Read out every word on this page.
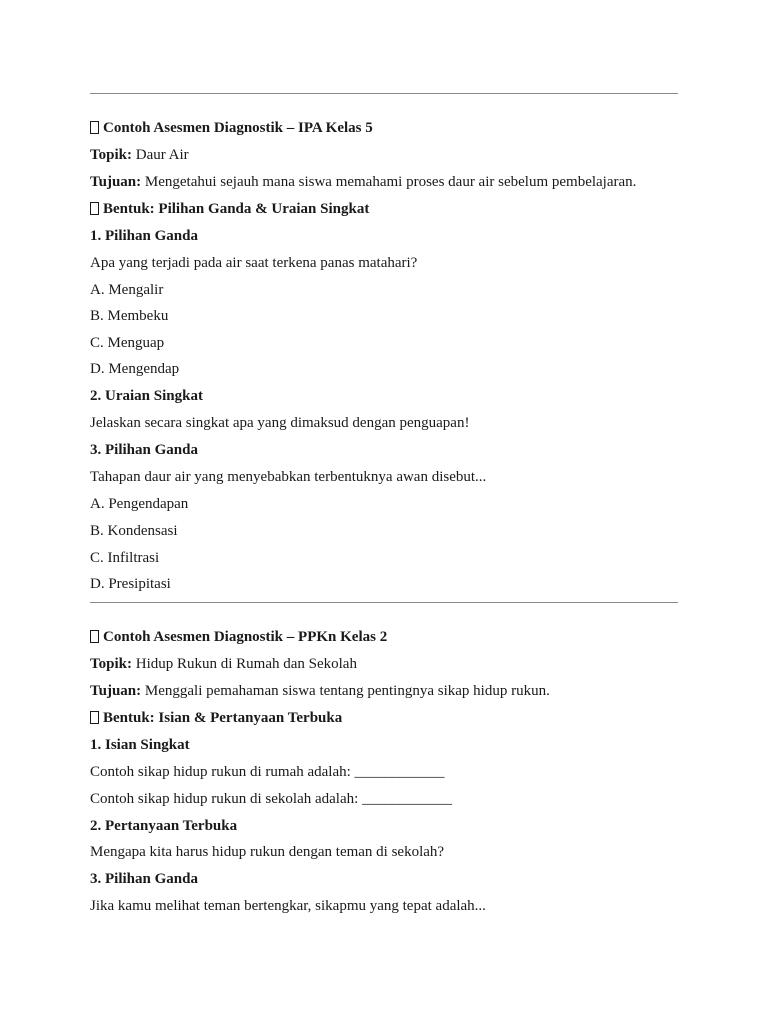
Contoh Asesmen Diagnostik – IPA Kelas 5
Topik: Daur Air
Tujuan: Mengetahui sejauh mana siswa memahami proses daur air sebelum pembelajaran.
Bentuk: Pilihan Ganda & Uraian Singkat
1. Pilihan Ganda
Apa yang terjadi pada air saat terkena panas matahari?
A. Mengalir
B. Membeku
C. Menguap
D. Mengendap
2. Uraian Singkat
Jelaskan secara singkat apa yang dimaksud dengan penguapan!
3. Pilihan Ganda
Tahapan daur air yang menyebabkan terbentuknya awan disebut...
A. Pengendapan
B. Kondensasi
C. Infiltrasi
D. Presipitasi
Contoh Asesmen Diagnostik – PPKn Kelas 2
Topik: Hidup Rukun di Rumah dan Sekolah
Tujuan: Menggali pemahaman siswa tentang pentingnya sikap hidup rukun.
Bentuk: Isian & Pertanyaan Terbuka
1. Isian Singkat
Contoh sikap hidup rukun di rumah adalah: ____________
Contoh sikap hidup rukun di sekolah adalah: ____________
2. Pertanyaan Terbuka
Mengapa kita harus hidup rukun dengan teman di sekolah?
3. Pilihan Ganda
Jika kamu melihat teman bertengkar, sikapmu yang tepat adalah...
